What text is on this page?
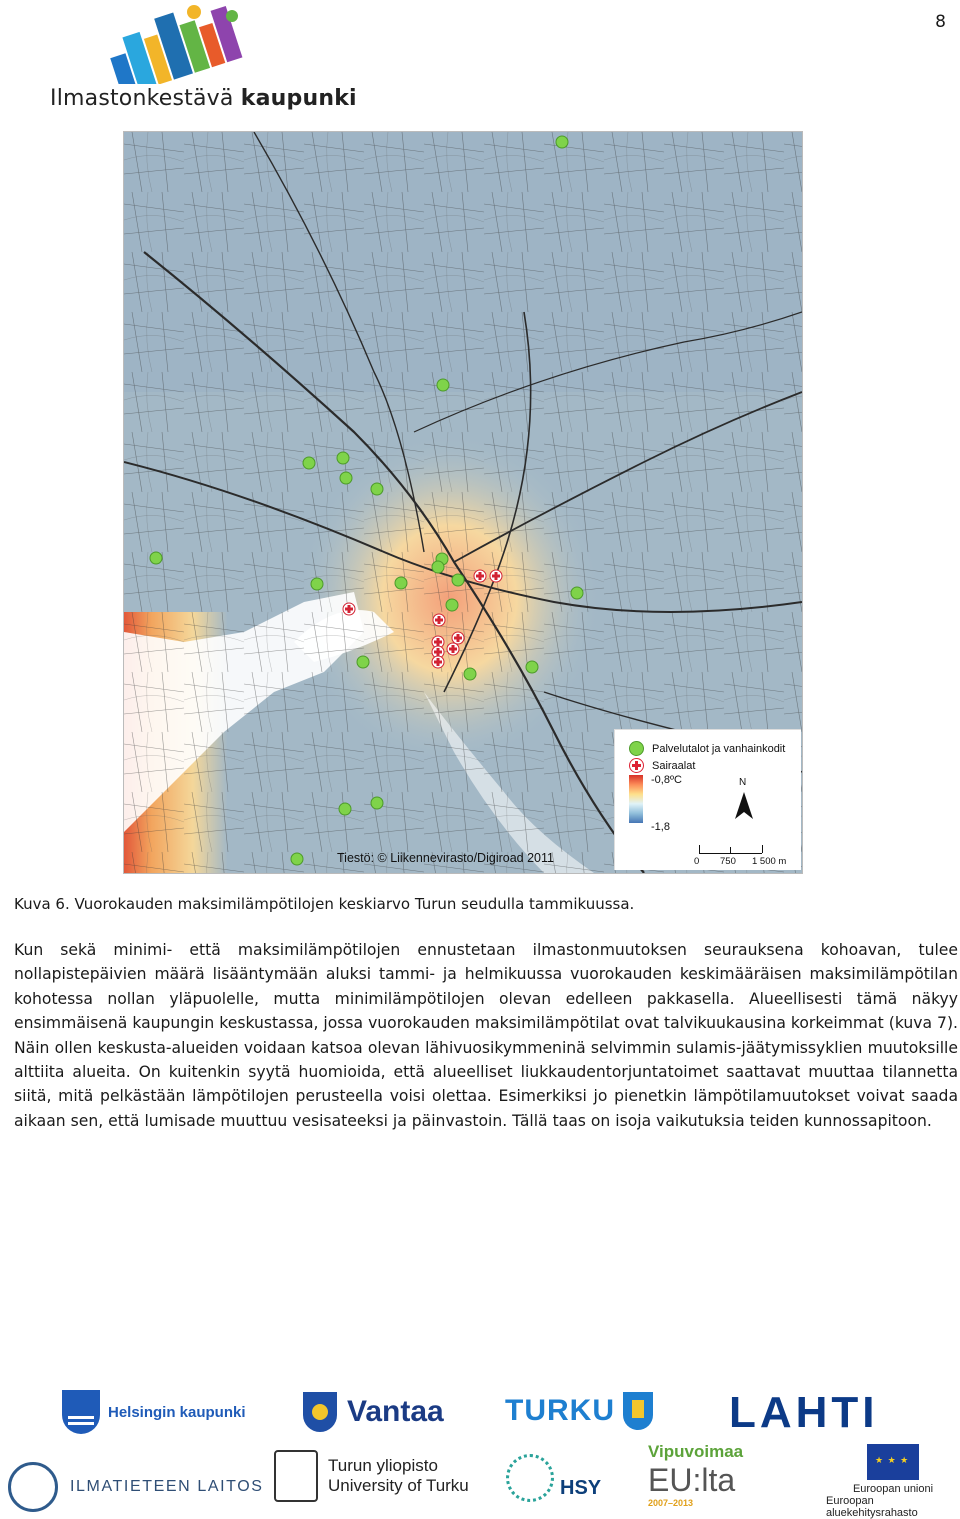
8
Ilmastonkestävä kaupunki
Tiestö: © Liikennevirasto/Digiroad 2011
Palvelutalot ja vanhainkodit
Sairaalat
-0,8ºC
-1,8
N
0 750 1 500 m
Kuva 6. Vuorokauden maksimilämpötilojen keskiarvo Turun seudulla tammikuussa.

Kun sekä minimi- että maksimilämpötilojen ennustetaan ilmastonmuutoksen seurauksena kohoavan, tulee nollapistepäivien määrä lisääntymään aluksi tammi- ja helmikuussa vuorokauden keskimääräisen maksimilämpötilan kohotessa nollan yläpuolelle, mutta minimilämpötilojen olevan edelleen pakkasella. Alueellisesti tämä näkyy ensimmäisenä kaupungin keskustassa, jossa vuorokauden maksimilämpötilat ovat talvikuukausina korkeimmat (kuva 7). Näin ollen keskusta-alueiden voidaan katsoa olevan lähivuosikymmeninä selvimmin sulamis-jäätymissyklien muutoksille alttiita alueita. On kuitenkin syytä huomioida, että alueelliset liukkaudentorjuntatoimet saattavat muuttaa tilannetta siitä, mitä pelkästään lämpötilojen perusteella voisi olettaa. Esimerkiksi jo pienetkin lämpötilamuutokset voivat saada aikaan sen, että lumisade muuttuu vesisateeksi ja päinvastoin. Tällä taas on isoja vaikutuksia teiden kunnossapitoon.

Helsingin kaupunki	Vantaa TURKU	LAHTI
ILMATIETEEN LAITOS
Turun yliopisto
University of Turku	HSY
Vipuvoimaa
EU:lta
2007–2013
★ ★ ★
Euroopan unioni
Euroopan aluekehitysrahasto
